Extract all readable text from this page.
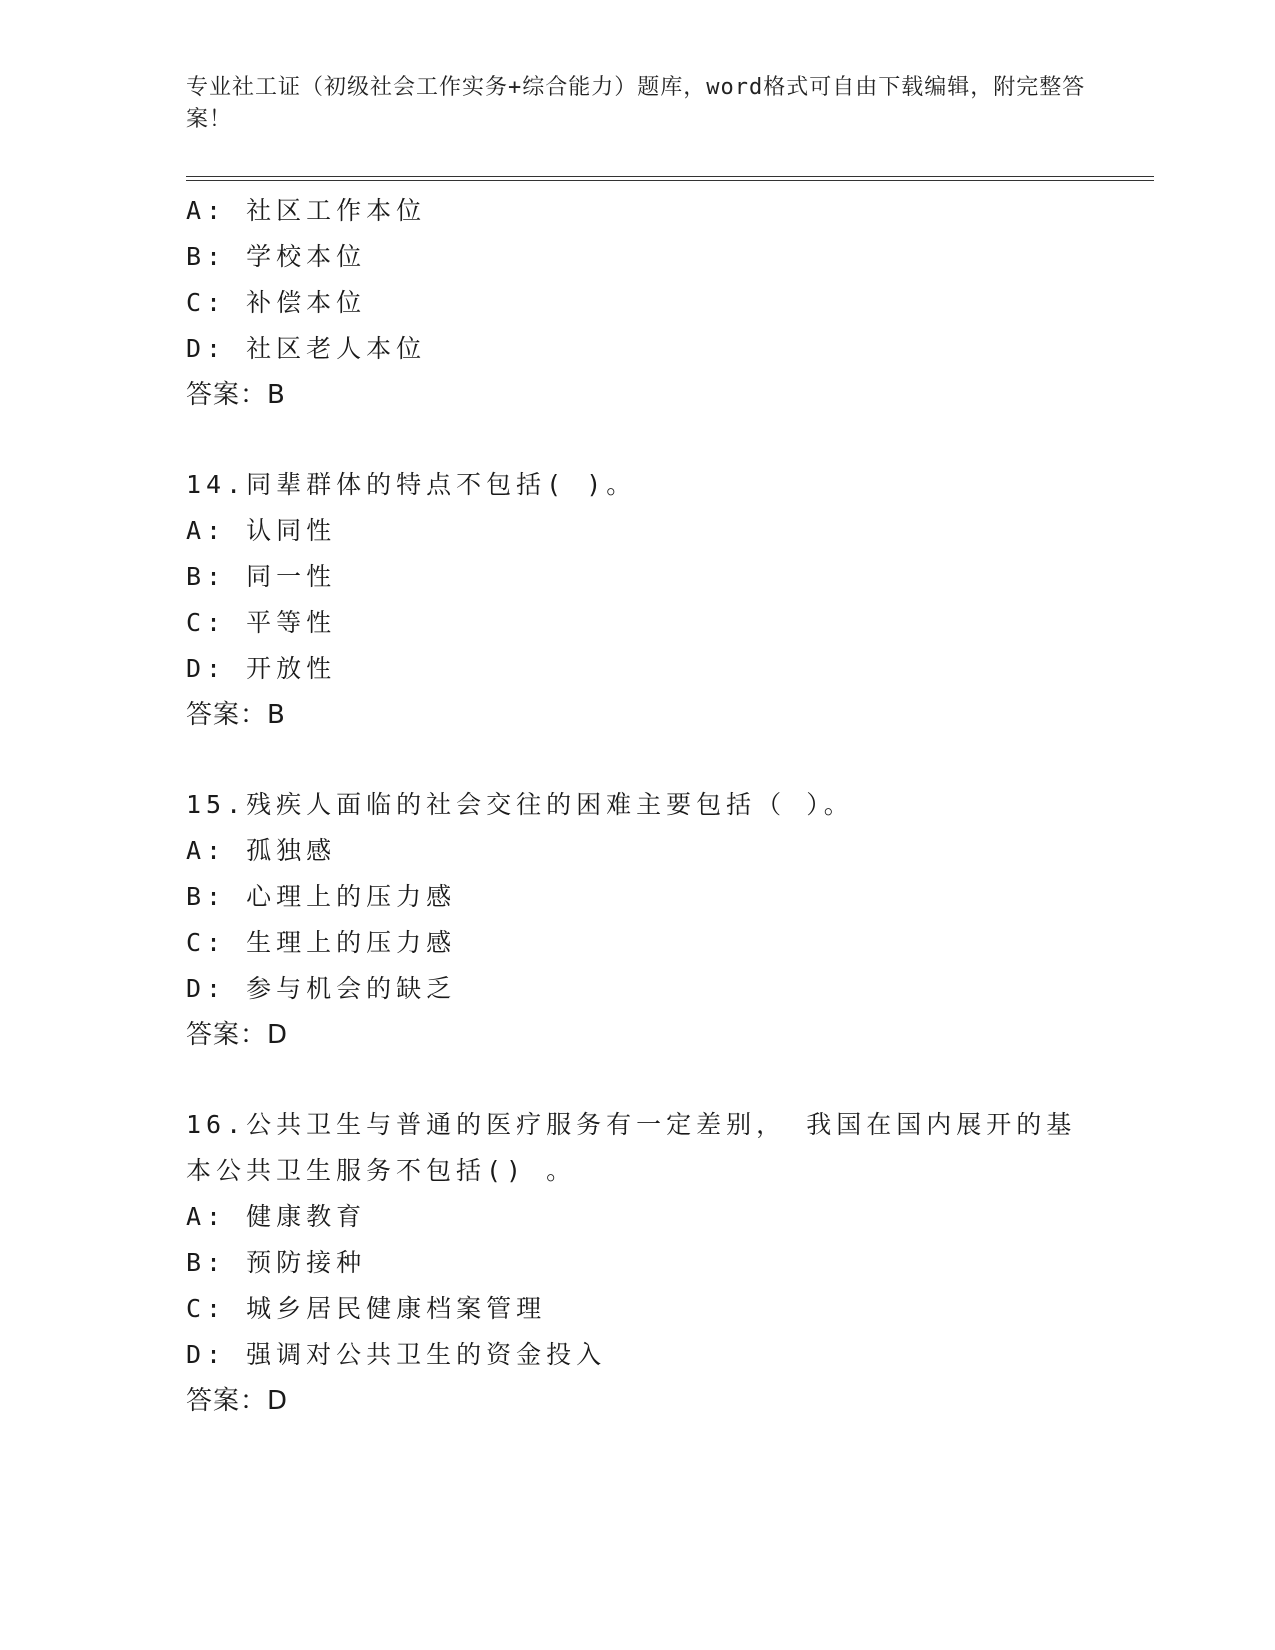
专业社工证（初级社会工作实务+综合能力）题库，word格式可自由下载编辑，附完整答案！
A: 社区工作本位
B: 学校本位
C: 补偿本位
D: 社区老人本位
答案：B
14.同辈群体的特点不包括( )。
A: 认同性
B: 同一性
C: 平等性
D: 开放性
答案：B
15.残疾人面临的社会交往的困难主要包括（ ）。
A: 孤独感
B: 心理上的压力感
C: 生理上的压力感
D: 参与机会的缺乏
答案：D
16.公共卫生与普通的医疗服务有一定差别， 我国在国内展开的基本公共卫生服务不包括() 。
A: 健康教育
B: 预防接种
C: 城乡居民健康档案管理
D: 强调对公共卫生的资金投入
答案：D
